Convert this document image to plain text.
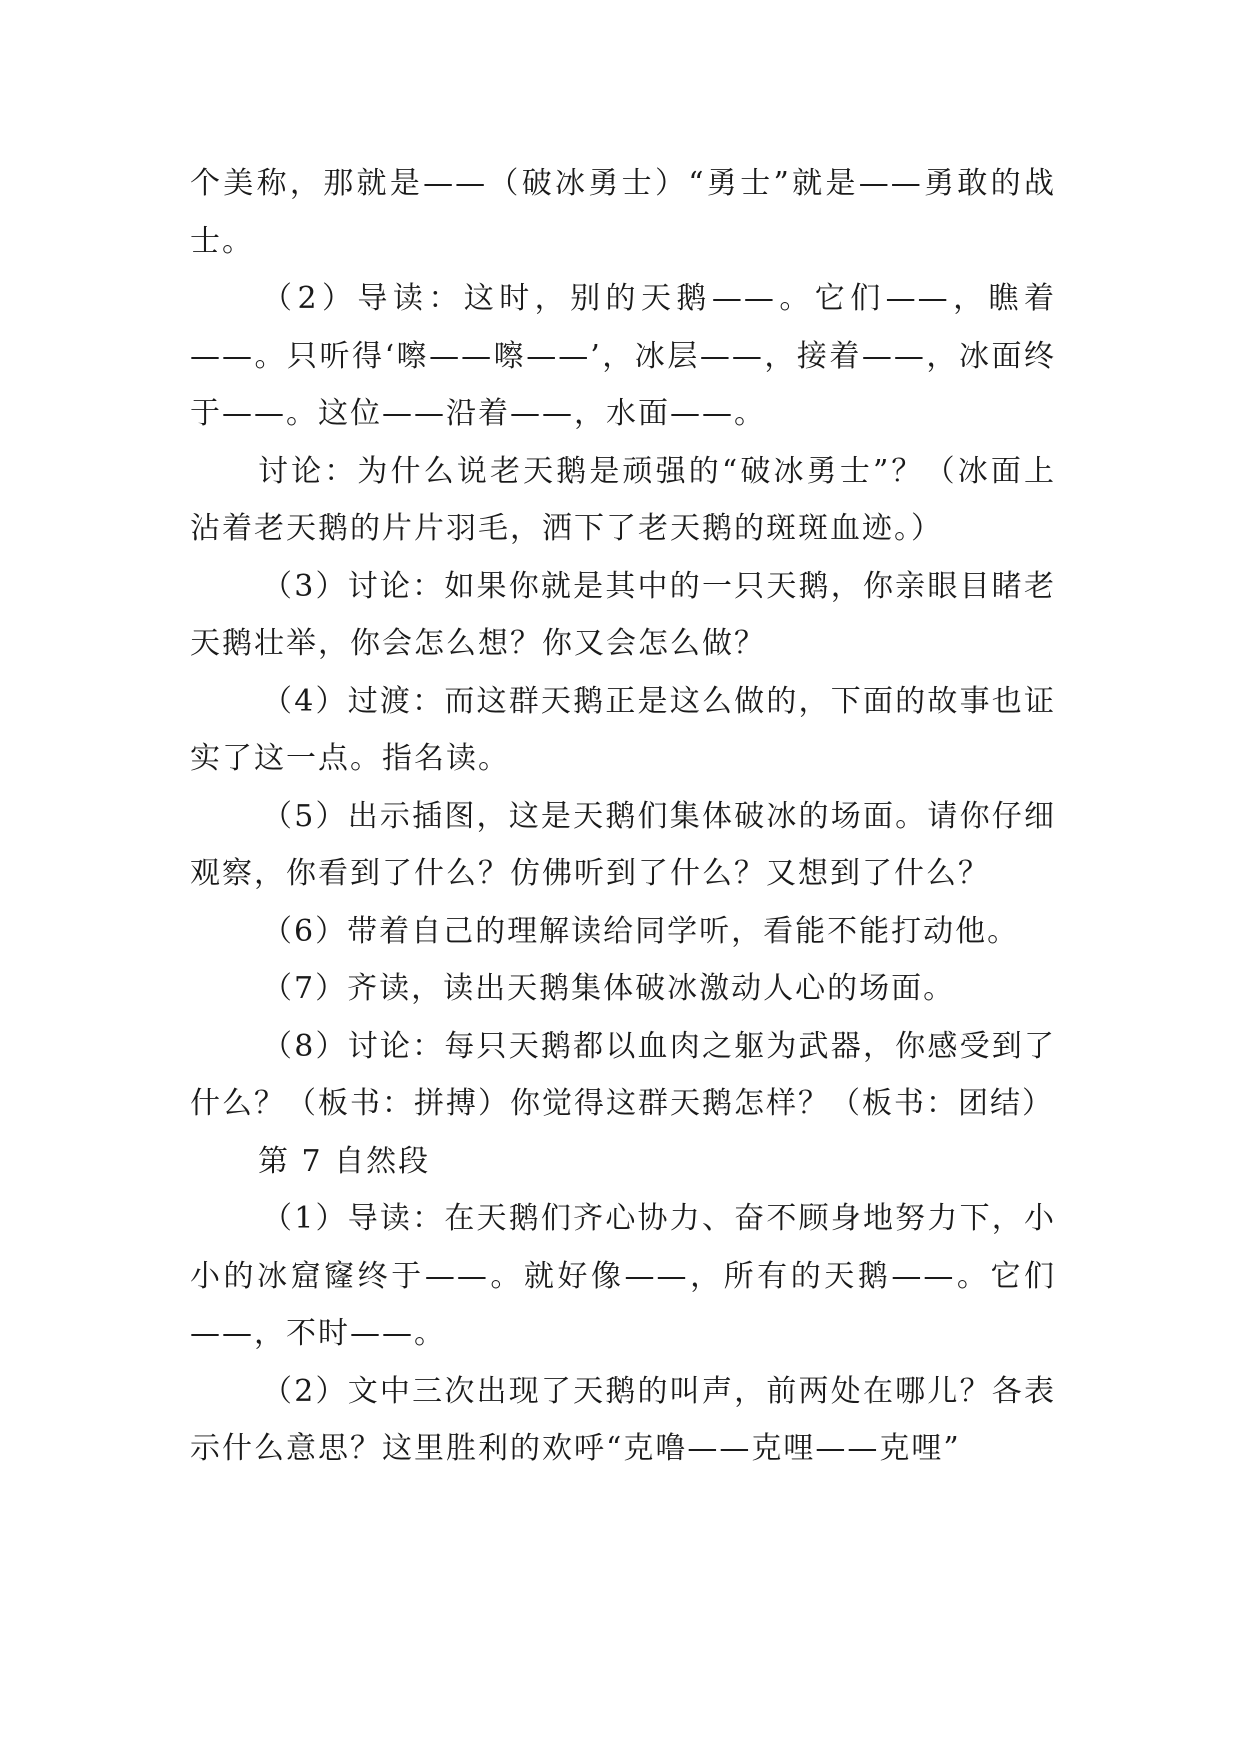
个美称，那就是——（破冰勇士）“勇士”就是——勇敢的战士。

（2）导读：这时，别的天鹅——。它们——，瞧着——。只听得‘嚓——嚓——’，冰层——，接着——，冰面终于——。这位——沿着——，水面——。

讨论：为什么说老天鹅是顽强的“破冰勇士”？（冰面上沾着老天鹅的片片羽毛，洒下了老天鹅的斑斑血迹。）

（3）讨论：如果你就是其中的一只天鹅，你亲眼目睹老天鹅壮举，你会怎么想？你又会怎么做？

（4）过渡：而这群天鹅正是这么做的，下面的故事也证实了这一点。指名读。

（5）出示插图，这是天鹅们集体破冰的场面。请你仔细观察，你看到了什么？仿佛听到了什么？又想到了什么？

（6）带着自己的理解读给同学听，看能不能打动他。

（7）齐读，读出天鹅集体破冰激动人心的场面。

（8）讨论：每只天鹅都以血肉之躯为武器，你感受到了什么？（板书：拼搏）你觉得这群天鹅怎样？（板书：团结）

第 7 自然段

（1）导读：在天鹅们齐心协力、奋不顾身地努力下，小小的冰窟窿终于——。就好像——，所有的天鹅——。它们——，不时——。

（2）文中三次出现了天鹅的叫声，前两处在哪儿？各表示什么意思？这里胜利的欢呼“克噜——克哩——克哩”
